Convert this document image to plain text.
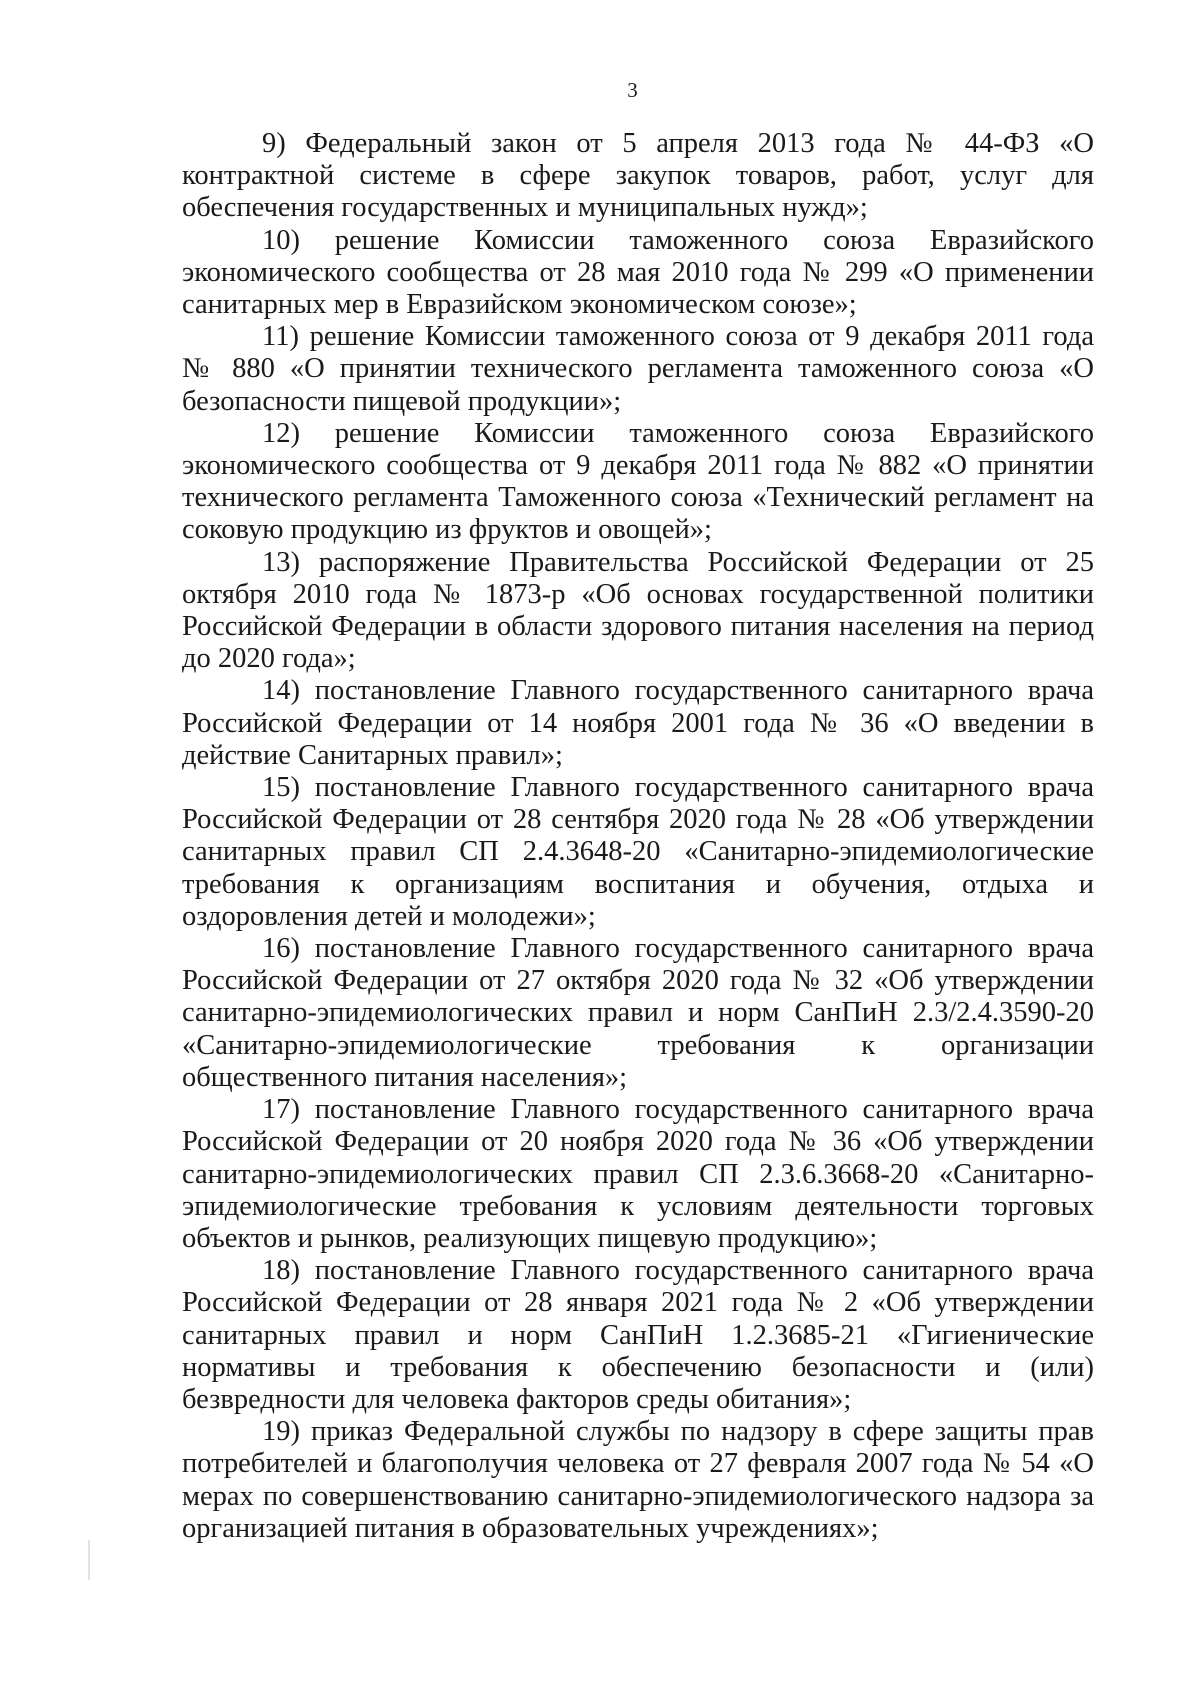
3

9) Федеральный закон от 5 апреля 2013 года № 44-ФЗ «О контрактной системе в сфере закупок товаров, работ, услуг для обеспечения государственных и муниципальных нужд»;

10) решение Комиссии таможенного союза Евразийского экономического сообщества от 28 мая 2010 года № 299 «О применении санитарных мер в Евразийском экономическом союзе»;

11) решение Комиссии таможенного союза от 9 декабря 2011 года № 880 «О принятии технического регламента таможенного союза «О безопасности пищевой продукции»;

12) решение Комиссии таможенного союза Евразийского экономического сообщества от 9 декабря 2011 года № 882 «О принятии технического регламента Таможенного союза «Технический регламент на соковую продукцию из фруктов и овощей»;

13) распоряжение Правительства Российской Федерации от 25 октября 2010 года № 1873-р «Об основах государственной политики Российской Федерации в области здорового питания населения на период до 2020 года»;

14) постановление Главного государственного санитарного врача Российской Федерации от 14 ноября 2001 года № 36 «О введении в действие Санитарных правил»;

15) постановление Главного государственного санитарного врача Российской Федерации от 28 сентября 2020 года № 28 «Об утверждении санитарных правил СП 2.4.3648-20 «Санитарно-эпидемиологические требования к организациям воспитания и обучения, отдыха и оздоровления детей и молодежи»;

16) постановление Главного государственного санитарного врача Российской Федерации от 27 октября 2020 года № 32 «Об утверждении санитарно-эпидемиологических правил и норм СанПиН 2.3/2.4.3590-20 «Санитарно-эпидемиологические требования к организации общественного питания населения»;

17) постановление Главного государственного санитарного врача Российской Федерации от 20 ноября 2020 года № 36 «Об утверждении санитарно-эпидемиологических правил СП 2.3.6.3668-20 «Санитарно-эпидемиологические требования к условиям деятельности торговых объектов и рынков, реализующих пищевую продукцию»;

18) постановление Главного государственного санитарного врача Российской Федерации от 28 января 2021 года № 2 «Об утверждении санитарных правил и норм СанПиН 1.2.3685-21 «Гигиенические нормативы и требования к обеспечению безопасности и (или) безвредности для человека факторов среды обитания»;

19) приказ Федеральной службы по надзору в сфере защиты прав потребителей и благополучия человека от 27 февраля 2007 года № 54 «О мерах по совершенствованию санитарно-эпидемиологического надзора за организацией питания в образовательных учреждениях»;
